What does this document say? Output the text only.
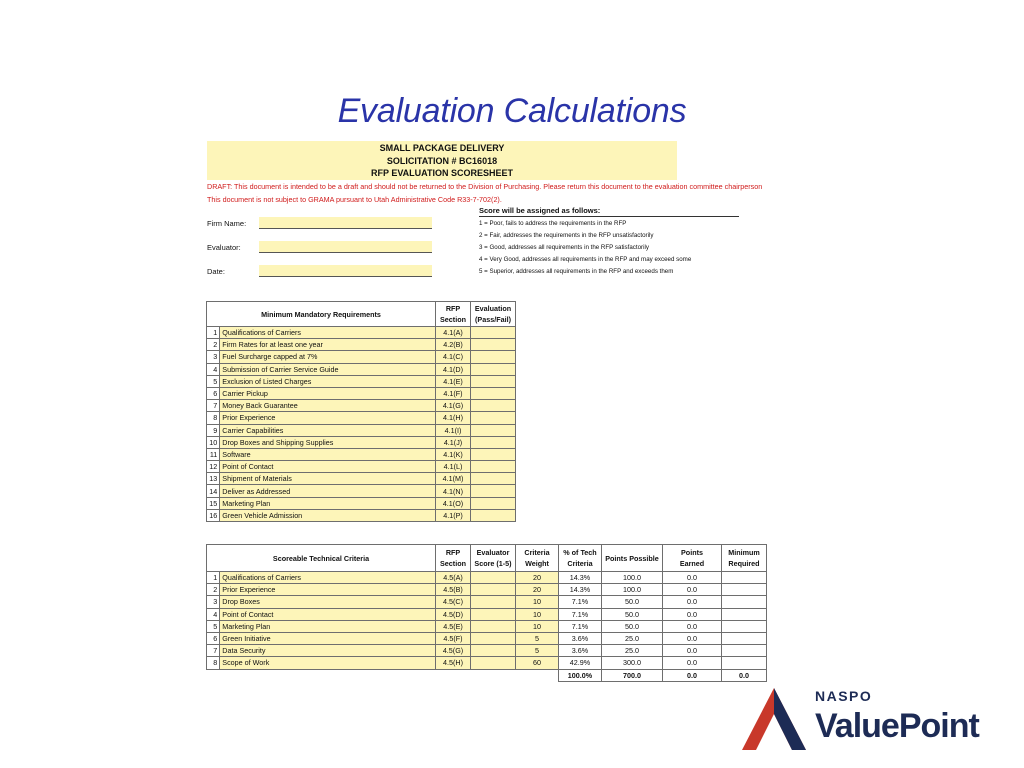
Evaluation Calculations
SMALL PACKAGE DELIVERY
SOLICITATION # BC16018
RFP EVALUATION SCORESHEET
DRAFT: This document is intended to be a draft and should not be returned to the Division of Purchasing. Please return this document to the evaluation committee chairperson
This document is not subject to GRAMA pursuant to Utah Administrative Code R33-7-702(2).
Firm Name:
Evaluator:
Date:
Score will be assigned as follows:
1 = Poor, fails to address the requirements in the RFP
2 = Fair, addresses the requirements in the RFP unsatisfactorily
3 = Good, addresses all requirements in the RFP satisfactorily
4 = Very Good, addresses all requirements in the RFP and may exceed some
5 = Superior, addresses all requirements in the RFP and exceeds them
Minimum Mandatory Requirements		RFP
Section	Evaluation
(Pass/Fail)
1	Qualifications of Carriers	4.1(A)	
2	Firm Rates for at least one year	4.2(B)	
3	Fuel Surcharge capped at 7%	4.1(C)	
4	Submission of Carrier Service Guide	4.1(D)	
5	Exclusion of Listed Charges	4.1(E)	
6	Carrier Pickup	4.1(F)	
7	Money Back Guarantee	4.1(G)	
8	Prior Experience	4.1(H)	
9	Carrier Capabilities	4.1(I)	
10	Drop Boxes and Shipping Supplies	4.1(J)	
11	Software	4.1(K)	
12	Point of Contact	4.1(L)	
13	Shipment of Materials	4.1(M)	
14	Deliver as Addressed	4.1(N)	
15	Marketing Plan	4.1(O)	
16	Green Vehicle Admission	4.1(P)	
Scoreable Technical Criteria		RFP
Section	Evaluator
Score (1-5)	Criteria
Weight	% of Tech
Criteria	Points Possible	Points
Earned	Minimum
Required
1	Qualifications of Carriers	4.5(A)		20	14.3%	100.0	0.0	
2	Prior Experience	4.5(B)		20	14.3%	100.0	0.0	
3	Drop Boxes	4.5(C)		10	7.1%	50.0	0.0	
4	Point of Contact	4.5(D)		10	7.1%	50.0	0.0	
5	Marketing Plan	4.5(E)		10	7.1%	50.0	0.0	
6	Green Initiative	4.5(F)		5	3.6%	25.0	0.0	
7	Data Security	4.5(G)		5	3.6%	25.0	0.0	
8	Scope of Work	4.5(H)		60	42.9%	300.0	0.0	
					100.0%	700.0	0.0	0.0
NASPO
ValuePoint
